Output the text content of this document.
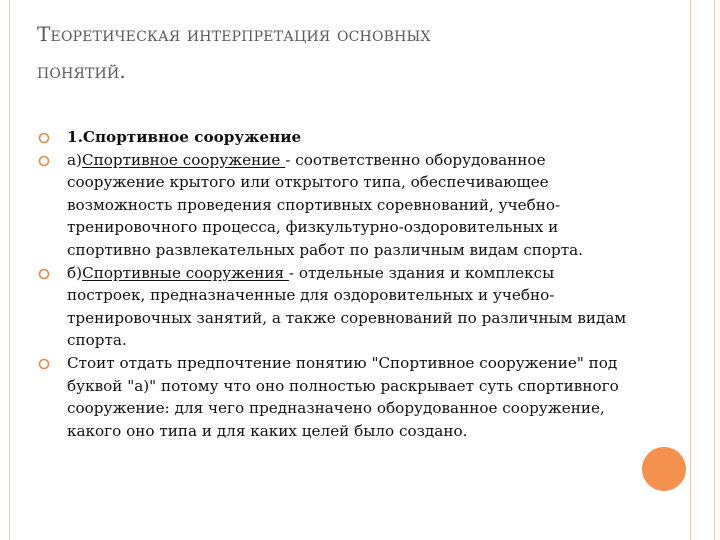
Теоретическая интерпретация основных
понятий.
1.Спортивное сооружение
а)Спортивное сооружение - соответственно оборудованное сооружение крытого или открытого типа, обеспечивающее возможность проведения спортивных соревнований, учебно-тренировочного процесса, физкультурно-оздоровительных и спортивно развлекательных работ по различным видам спорта.
б)Спортивные сооружения - отдельные здания и комплексы построек, предназначенные для оздоровительных и учебно-тренировочных занятий, а также соревнований по различным видам спорта.
Стоит отдать предпочтение понятию "Спортивное сооружение" под буквой "а)" потому что оно полностью раскрывает суть спортивного сооружение: для чего предназначено оборудованное сооружение, какого оно типа и для каких целей было создано.
